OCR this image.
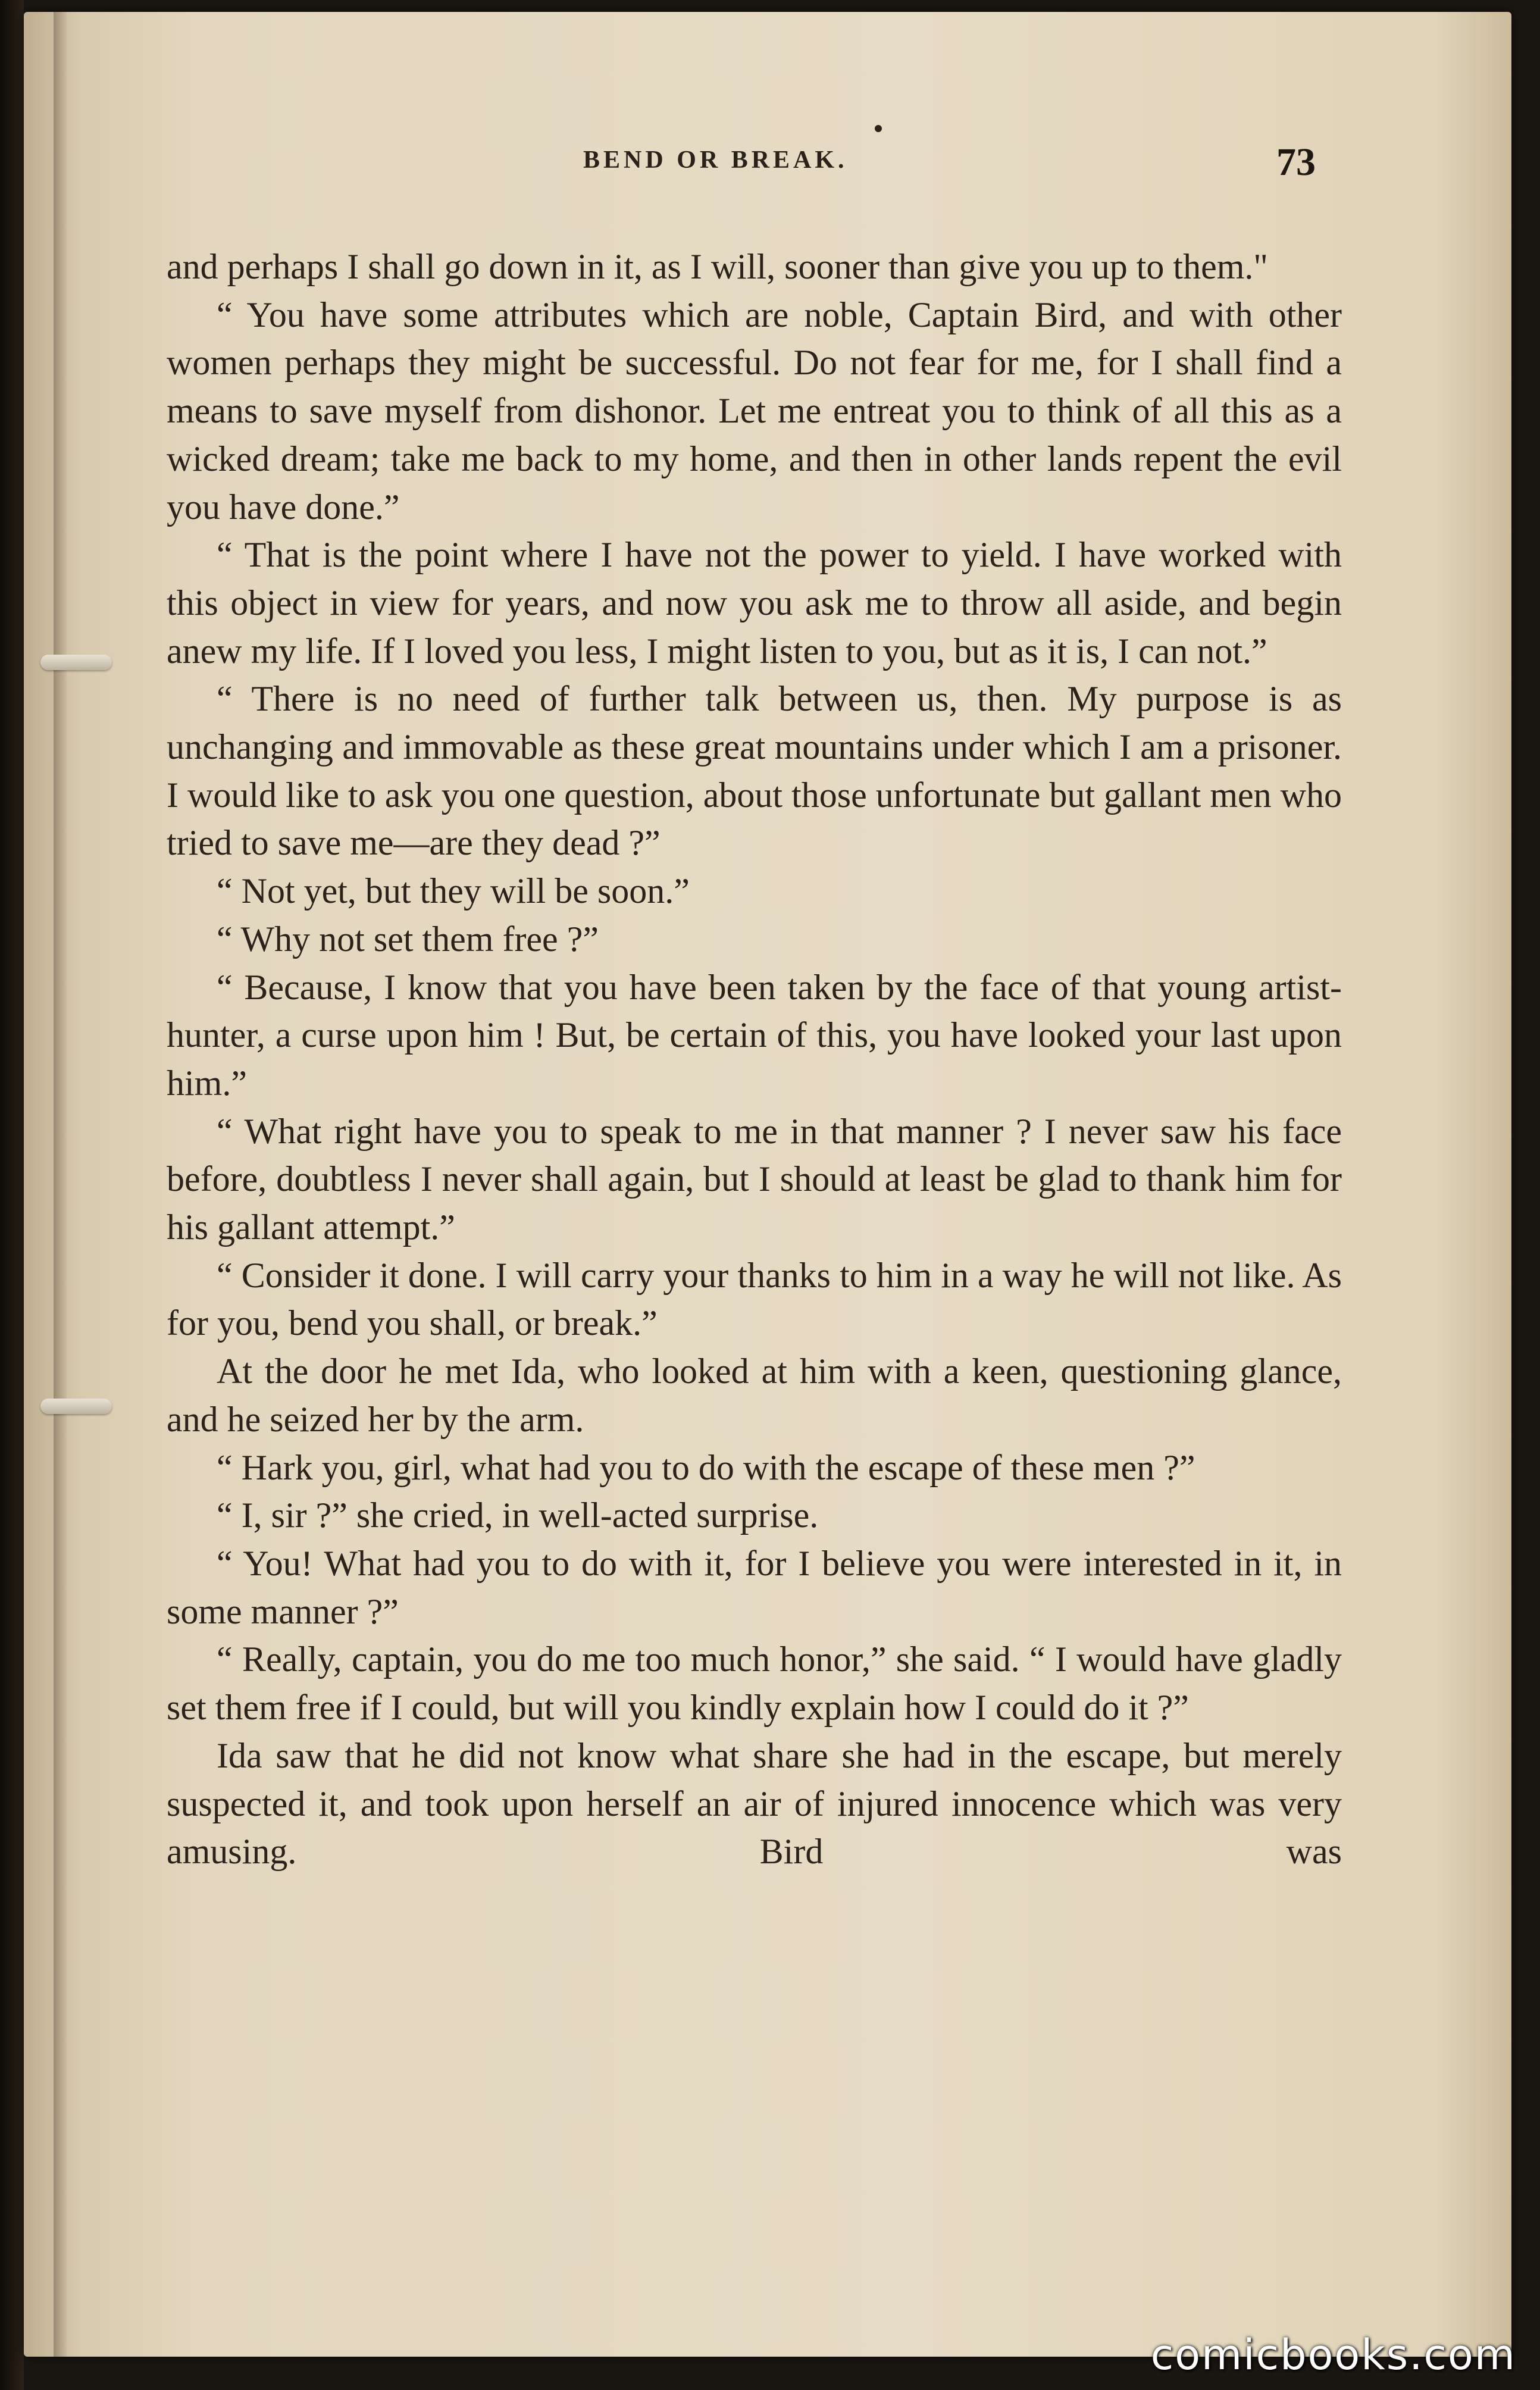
BEND OR BREAK.	73

and perhaps I shall go down in it, as I will, sooner than give you up to them."

“ You have some attributes which are noble, Captain Bird, and with other women perhaps they might be successful. Do not fear for me, for I shall find a means to save myself from dishonor. Let me entreat you to think of all this as a wicked dream; take me back to my home, and then in other lands repent the evil you have done.”

“ That is the point where I have not the power to yield. I have worked with this object in view for years, and now you ask me to throw all aside, and begin anew my life. If I loved you less, I might listen to you, but as it is, I can not.”

“ There is no need of further talk between us, then. My purpose is as unchanging and immovable as these great mountains under which I am a prisoner. I would like to ask you one question, about those unfortunate but gallant men who tried to save me—are they dead ?”

“ Not yet, but they will be soon.”

“ Why not set them free ?”

“ Because, I know that you have been taken by the face of that young artist-hunter, a curse upon him ! But, be certain of this, you have looked your last upon him.”

“ What right have you to speak to me in that manner ? I never saw his face before, doubtless I never shall again, but I should at least be glad to thank him for his gallant attempt.”

“ Consider it done. I will carry your thanks to him in a way he will not like. As for you, bend you shall, or break.”

At the door he met Ida, who looked at him with a keen, questioning glance, and he seized her by the arm.

“ Hark you, girl, what had you to do with the escape of these men ?”

“ I, sir ?” she cried, in well-acted surprise.

“ You! What had you to do with it, for I believe you were interested in it, in some manner ?”

“ Really, captain, you do me too much honor,” she said. “ I would have gladly set them free if I could, but will you kindly explain how I could do it ?”

Ida saw that he did not know what share she had in the escape, but merely suspected it, and took upon herself an air of injured innocence which was very amusing. Bird was

comicbooks.com
